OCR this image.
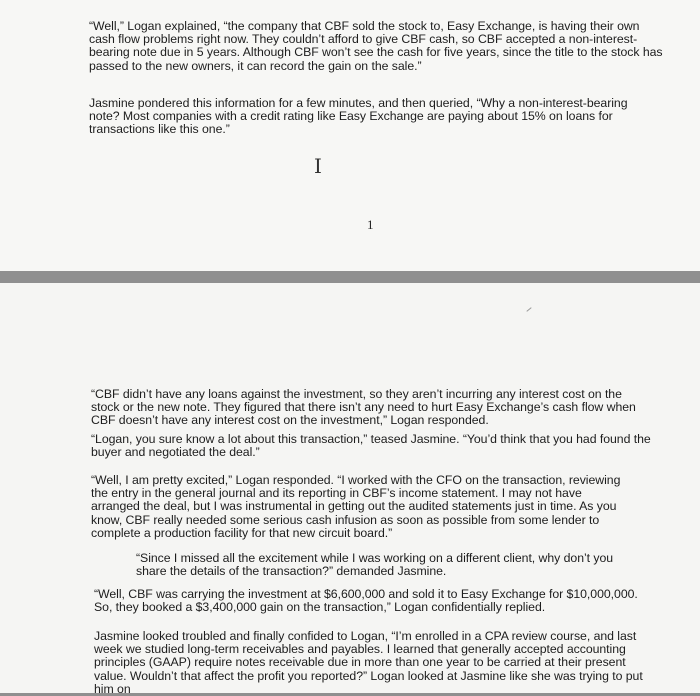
“Well,” Logan explained, “the company that CBF sold the stock to, Easy Exchange, is having their own cash flow problems right now. They couldn’t afford to give CBF cash, so CBF accepted a non-interest-bearing note due in 5 years. Although CBF won’t see the cash for five years, since the title to the stock has passed to the new owners, it can record the gain on the sale.”

Jasmine pondered this information for a few minutes, and then queried, “Why a non-interest-bearing note? Most companies with a credit rating like Easy Exchange are paying about 15% on loans for transactions like this one.”

I
1

“CBF didn’t have any loans against the investment, so they aren’t incurring any interest cost on the stock or the new note. They figured that there isn’t any need to hurt Easy Exchange’s cash flow when CBF doesn’t have any interest cost on the investment,” Logan responded.

“Logan, you sure know a lot about this transaction,” teased Jasmine. “You’d think that you had found the buyer and negotiated the deal.”

“Well, I am pretty excited,” Logan responded. “I worked with the CFO on the transaction, reviewing the entry in the general journal and its reporting in CBF’s income statement. I may not have arranged the deal, but I was instrumental in getting out the audited statements just in time. As you know, CBF really needed some serious cash infusion as soon as possible from some lender to complete a production facility for that new circuit board.”

“Since I missed all the excitement while I was working on a different client, why don’t you share the details of the transaction?” demanded Jasmine.

“Well, CBF was carrying the investment at $6,600,000 and sold it to Easy Exchange for $10,000,000. So, they booked a $3,400,000 gain on the transaction,” Logan confidentially replied.

Jasmine looked troubled and finally confided to Logan, “I’m enrolled in a CPA review course, and last week we studied long-term receivables and payables. I learned that generally accepted accounting principles (GAAP) require notes receivable due in more than one year to be carried at their present value. Wouldn’t that affect the profit you reported?” Logan looked at Jasmine like she was trying to put him on
